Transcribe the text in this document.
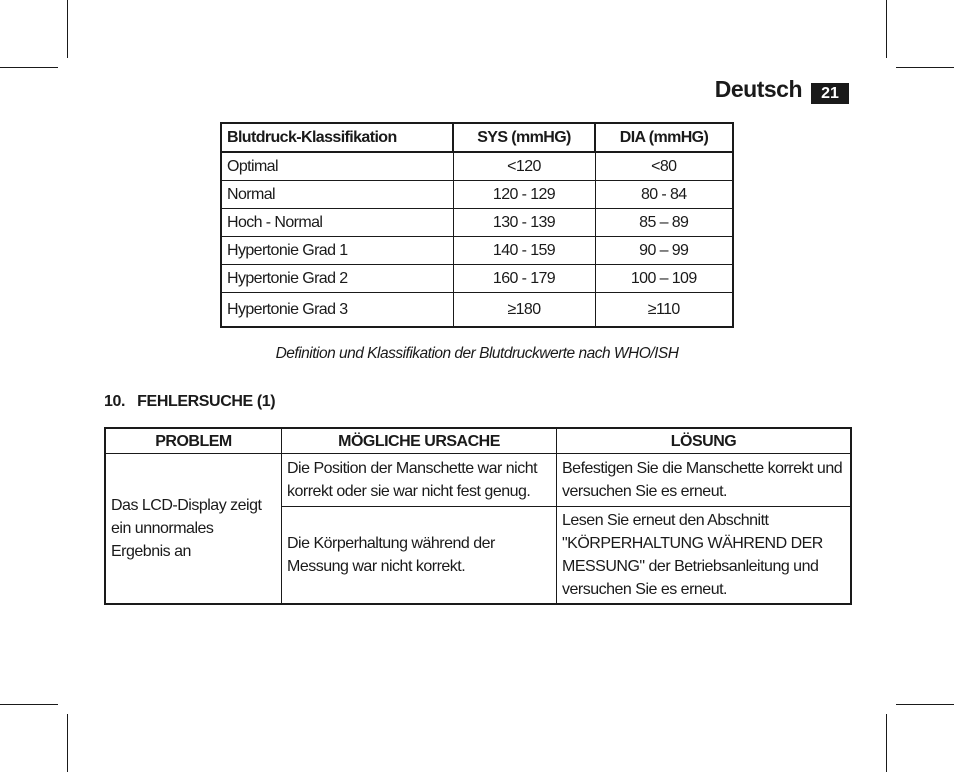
Deutsch	21
Blutdruck-Klassifikation	SYS (mmHG)	DIA (mmHG)
Optimal	<120	<80
Normal	120 - 129	80 - 84
Hoch - Normal	130 - 139	85 – 89
Hypertonie Grad 1	140 - 159	90 – 99
Hypertonie Grad 2	160 - 179	100 – 109
Hypertonie Grad 3	≥180	≥110
Definition und Klassifikation der Blutdruckwerte nach WHO/ISH
10.   FEHLERSUCHE (1)
PROBLEM	MÖGLICHE URSACHE	LÖSUNG
Das LCD-Display zeigt ein unnormales Ergebnis an	Die Position der Manschette war nicht korrekt oder sie war nicht fest genug.	Befestigen Sie die Manschette korrekt und versuchen Sie es erneut.
	Die Körperhaltung während der Messung war nicht korrekt.	Lesen Sie erneut den Abschnitt "KÖRPERHALTUNG WÄHREND DER MESSUNG" der Betriebsanleitung und versuchen Sie es erneut.
